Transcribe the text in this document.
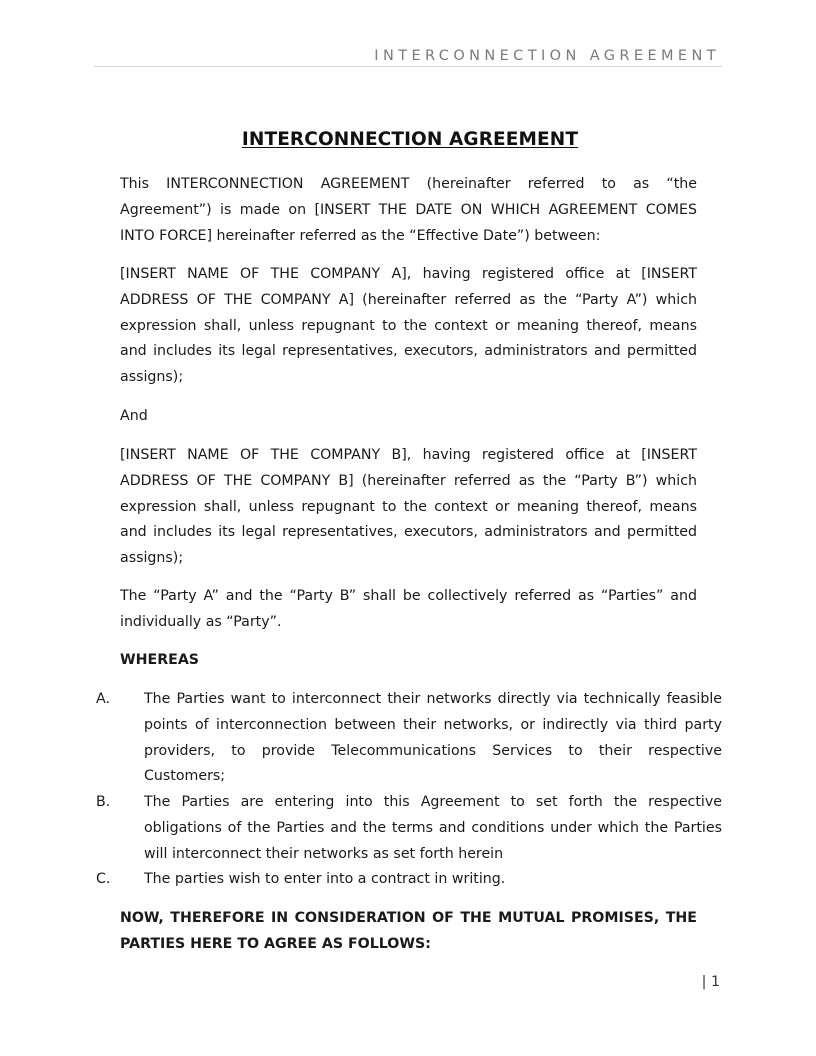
INTERCONNECTION AGREEMENT
INTERCONNECTION AGREEMENT

This INTERCONNECTION AGREEMENT (hereinafter referred to as “the Agreement”) is made on [INSERT THE DATE ON WHICH AGREEMENT COMES INTO FORCE] hereinafter referred as the “Effective Date”) between:

[INSERT NAME OF THE COMPANY A], having registered office at [INSERT ADDRESS OF THE COMPANY A] (hereinafter referred as the “Party A”) which expression shall, unless repugnant to the context or meaning thereof, means and includes its legal representatives, executors, administrators and permitted assigns);

And

[INSERT NAME OF THE COMPANY B], having registered office at [INSERT ADDRESS OF THE COMPANY B] (hereinafter referred as the “Party B”) which expression shall, unless repugnant to the context or meaning thereof, means and includes its legal representatives, executors, administrators and permitted assigns);

The “Party A” and the “Party B” shall be collectively referred as “Parties” and individually as “Party”.

WHEREAS

A. The Parties want to interconnect their networks directly via technically feasible points of interconnection between their networks, or indirectly via third party providers, to provide Telecommunications Services to their respective Customers;

B. The Parties are entering into this Agreement to set forth the respective obligations of the Parties and the terms and conditions under which the Parties will interconnect their networks as set forth herein

C. The parties wish to enter into a contract in writing.

NOW, THEREFORE IN CONSIDERATION OF THE MUTUAL PROMISES, THE PARTIES HERE TO AGREE AS FOLLOWS:

| 1
